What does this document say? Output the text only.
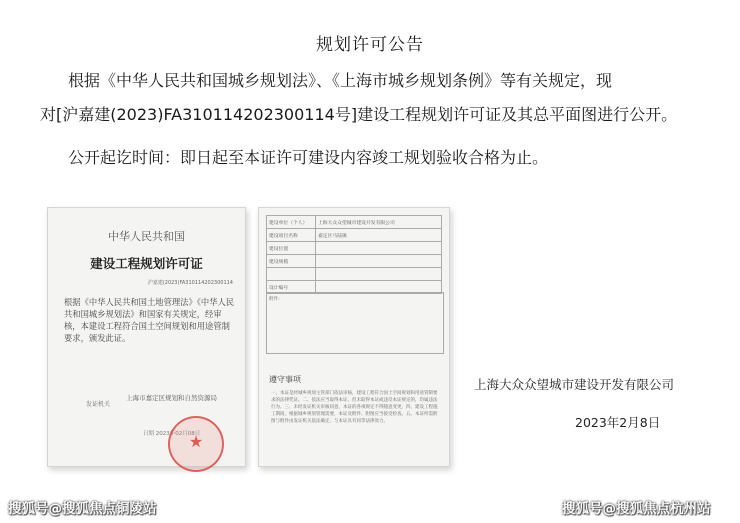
规划许可公告
根据《中华人民共和国城乡规划法》、《上海市城乡规划条例》等有关规定，现
对[沪嘉建(2023)FA310114202300114号]建设工程规划许可证及其总平面图进行公开。
公开起讫时间：即日起至本证许可建设内容竣工规划验收合格为止。
中华人民共和国
建设工程规划许可证
沪嘉建(2023)FA310114202300114
根据《中华人民共和国土地管理法》《中华人民共和国城乡规划法》和国家有关规定，经审核，本建设工程符合国土空间规划和用途管制要求，颁发此证。
发证机关
上海市嘉定区规划和自然资源局
日期 2023年02月08日
★
建设单位（个人）	上海大众众望城市建设开发有限公司
建设项目名称	嘉定区马陆镇
建设位置	
建设规模	

设计编号	
附件：
遵守事项
一、本证是经城乡规划主管部门依法审核，建设工程符合国土空间规划和用途管制要求的法律凭证。二、依法应当取得本证，但未取得本证或违反本证规定的，均属违法行为。三、未经发证机关审核同意，本证的各项规定不得随意变更。四、建设工程施工期间，根据城乡规划管理需要，本证及附件、附图应当接受检查。五、本证所需附图与附件由发证机关依法确定，与本证具有同等法律效力。
上海大众众望城市建设开发有限公司
2023年2月8日
搜狐号@搜狐焦点铜陵站	搜狐号@搜狐焦点杭州站
